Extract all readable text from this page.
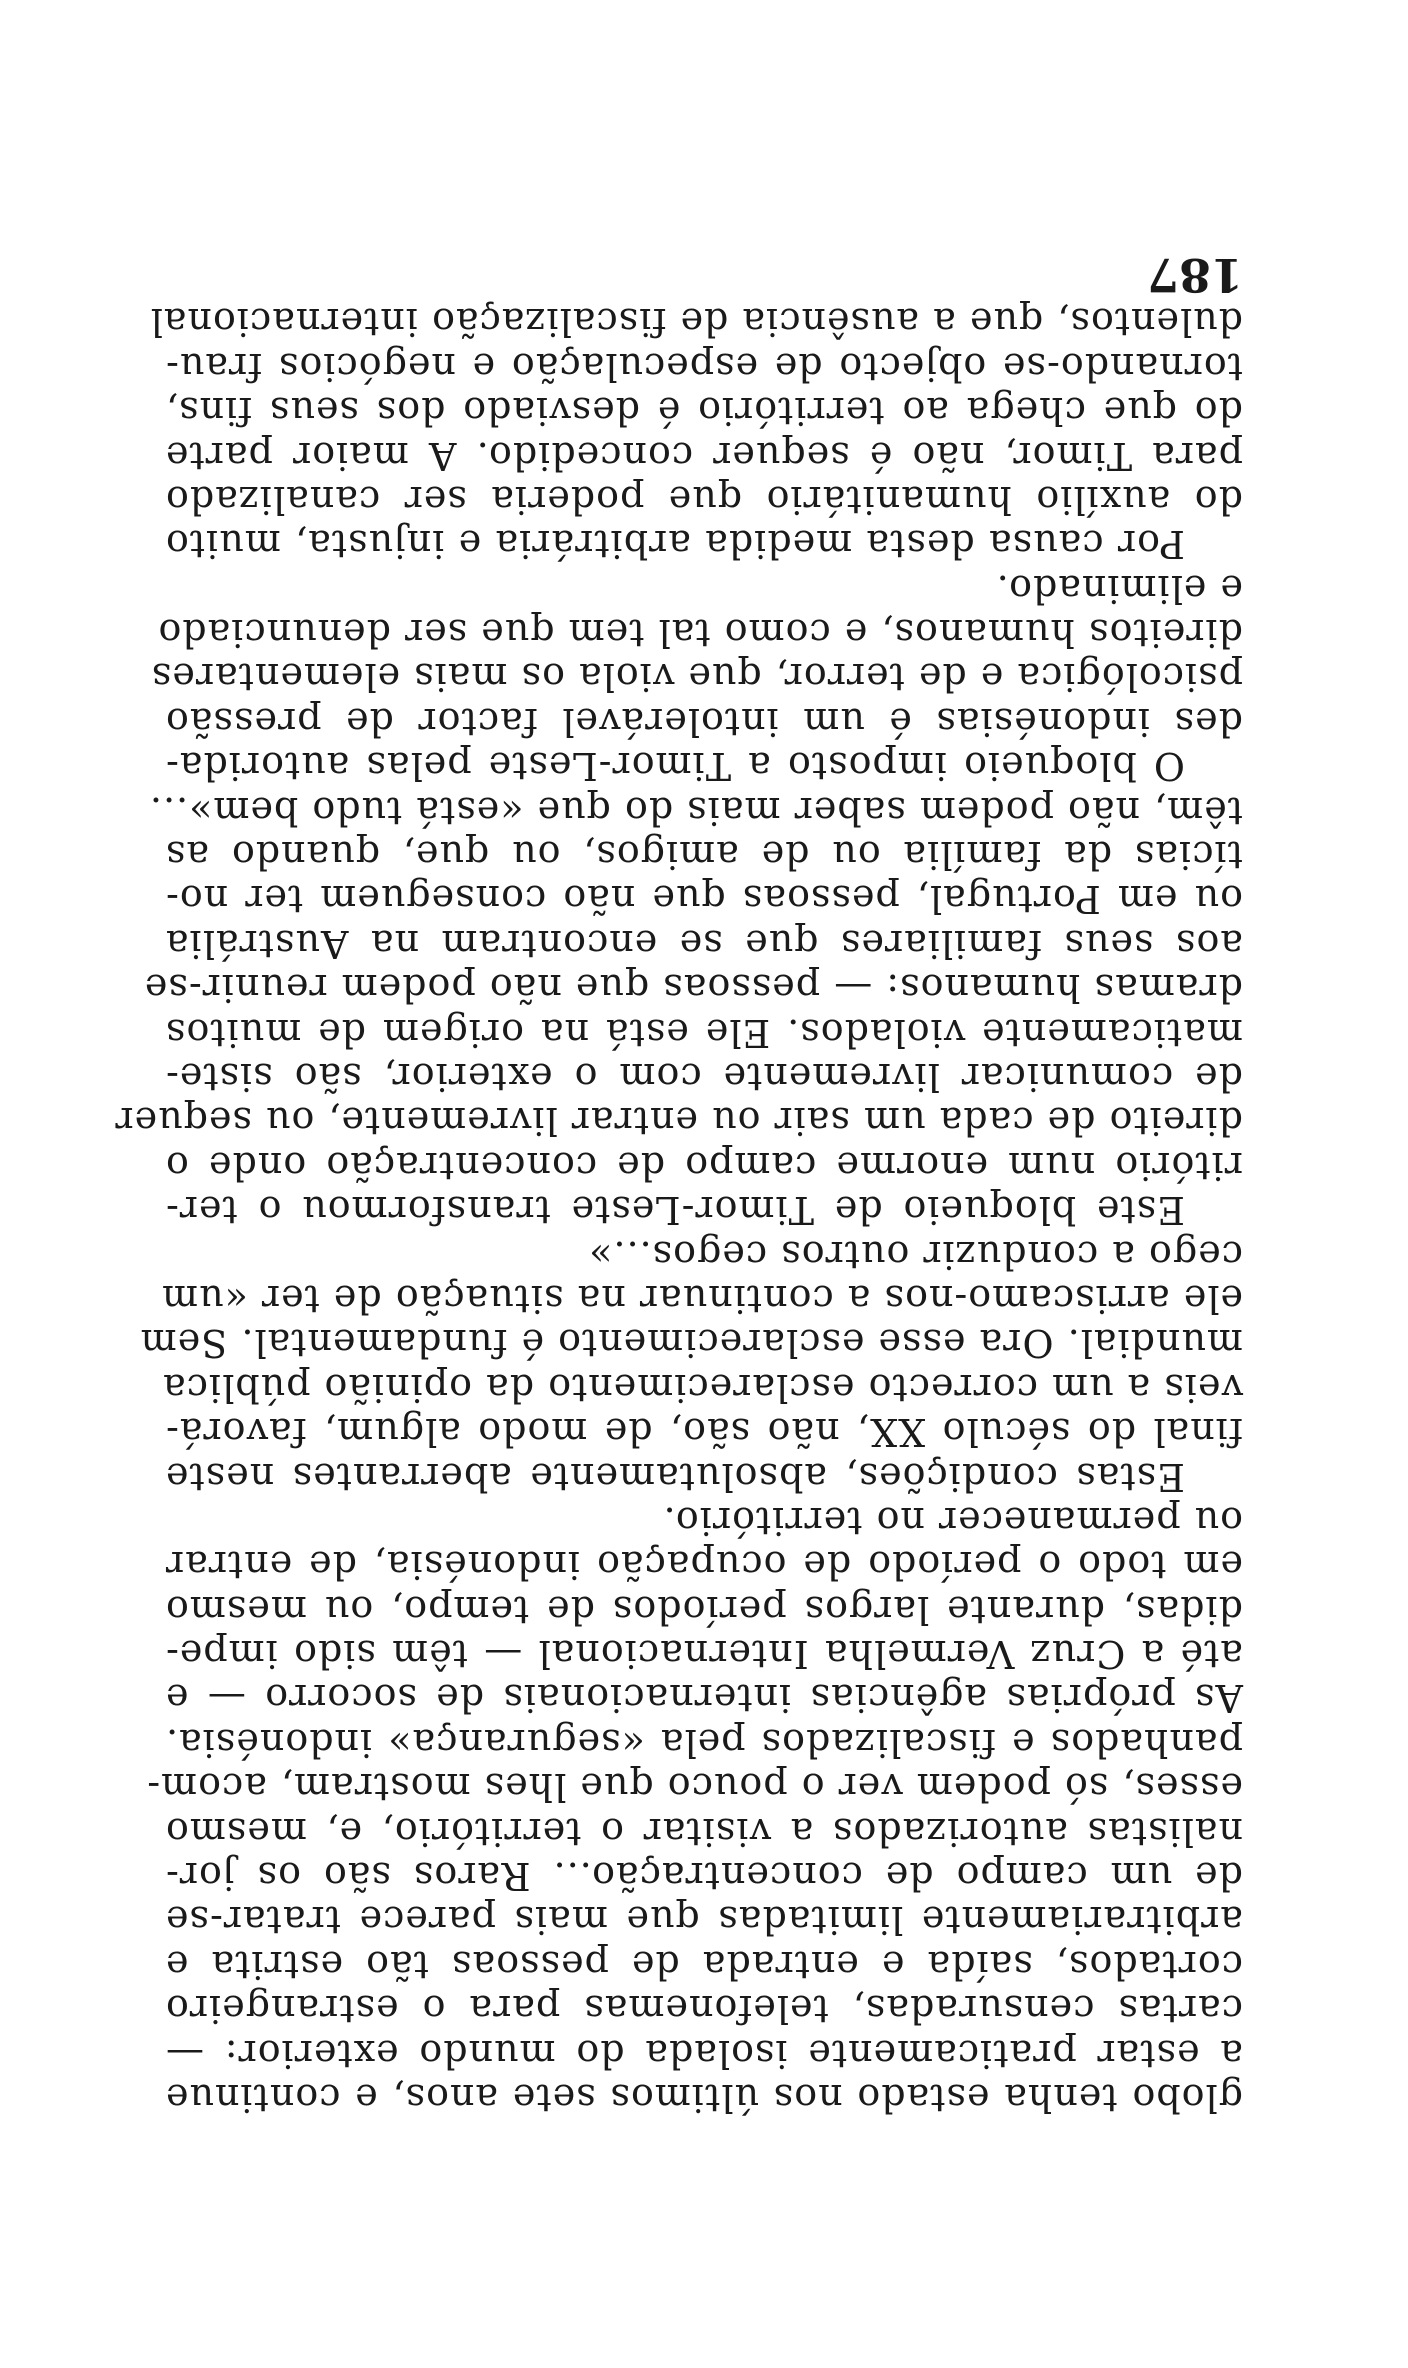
globo tenha estado nos últimos sete anos, e continue
a estar praticamente isolada do mundo exterior: —
cartas censuradas, telefonemas para o estrangeiro
cortados, saída e entrada de pessoas tão estrita e
arbitrariamente limitadas que mais parece tratar-se
de um campo de concentração... Raros são os jor-
nalistas autorizados a visitar o território, e, mesmo
esses, só podem ver o pouco que lhes mostram, acom-
panhados e fiscalizados pela «segurança» indonésia.
As próprias agências internacionais de socorro — e
até a Cruz Vermelha Internacional — têm sido impe-
didas, durante largos períodos de tempo, ou mesmo
em todo o período de ocupação indonésia, de entrar
ou permanecer no território.
Estas condições, absolutamente aberrantes neste
final do século XX, não são, de modo algum, favorá-
veis a um correcto esclarecimento da opinião pública
mundial. Ora esse esclarecimento é fundamental. Sem
ele arriscamo-nos a continuar na situação de ter «um
cego a conduzir outros cegos...»
Este bloqueio de Timor-Leste transformou o ter-
ritório num enorme campo de concentração onde o
direito de cada um sair ou entrar livremente, ou sequer
de comunicar livremente com o exterior, são siste-
maticamente violados. Ele está na origem de muitos
dramas humanos: — pessoas que não podem reunir-se
aos seus familiares que se encontram na Austrália
ou em Portugal, pessoas que não conseguem ter no-
tícias da família ou de amigos, ou que, quando as
têm, não podem saber mais do que «está tudo bem»...
O bloqueio imposto a Timor-Leste pelas autorida-
des indonésias é um intolerável factor de pressão
psicológica e de terror, que viola os mais elementares
direitos humanos, e como tal tem que ser denunciado
e eliminado.
Por causa desta medida arbitrária e injusta, muito
do auxílio humanitário que poderia ser canalizado
para Timor, não é sequer concedido. A maior parte
do que chega ao território é desviado dos seus fins,
tornando-se objecto de especulação e negócios frau-
dulentos, que a ausência de fiscalização internacional
187
